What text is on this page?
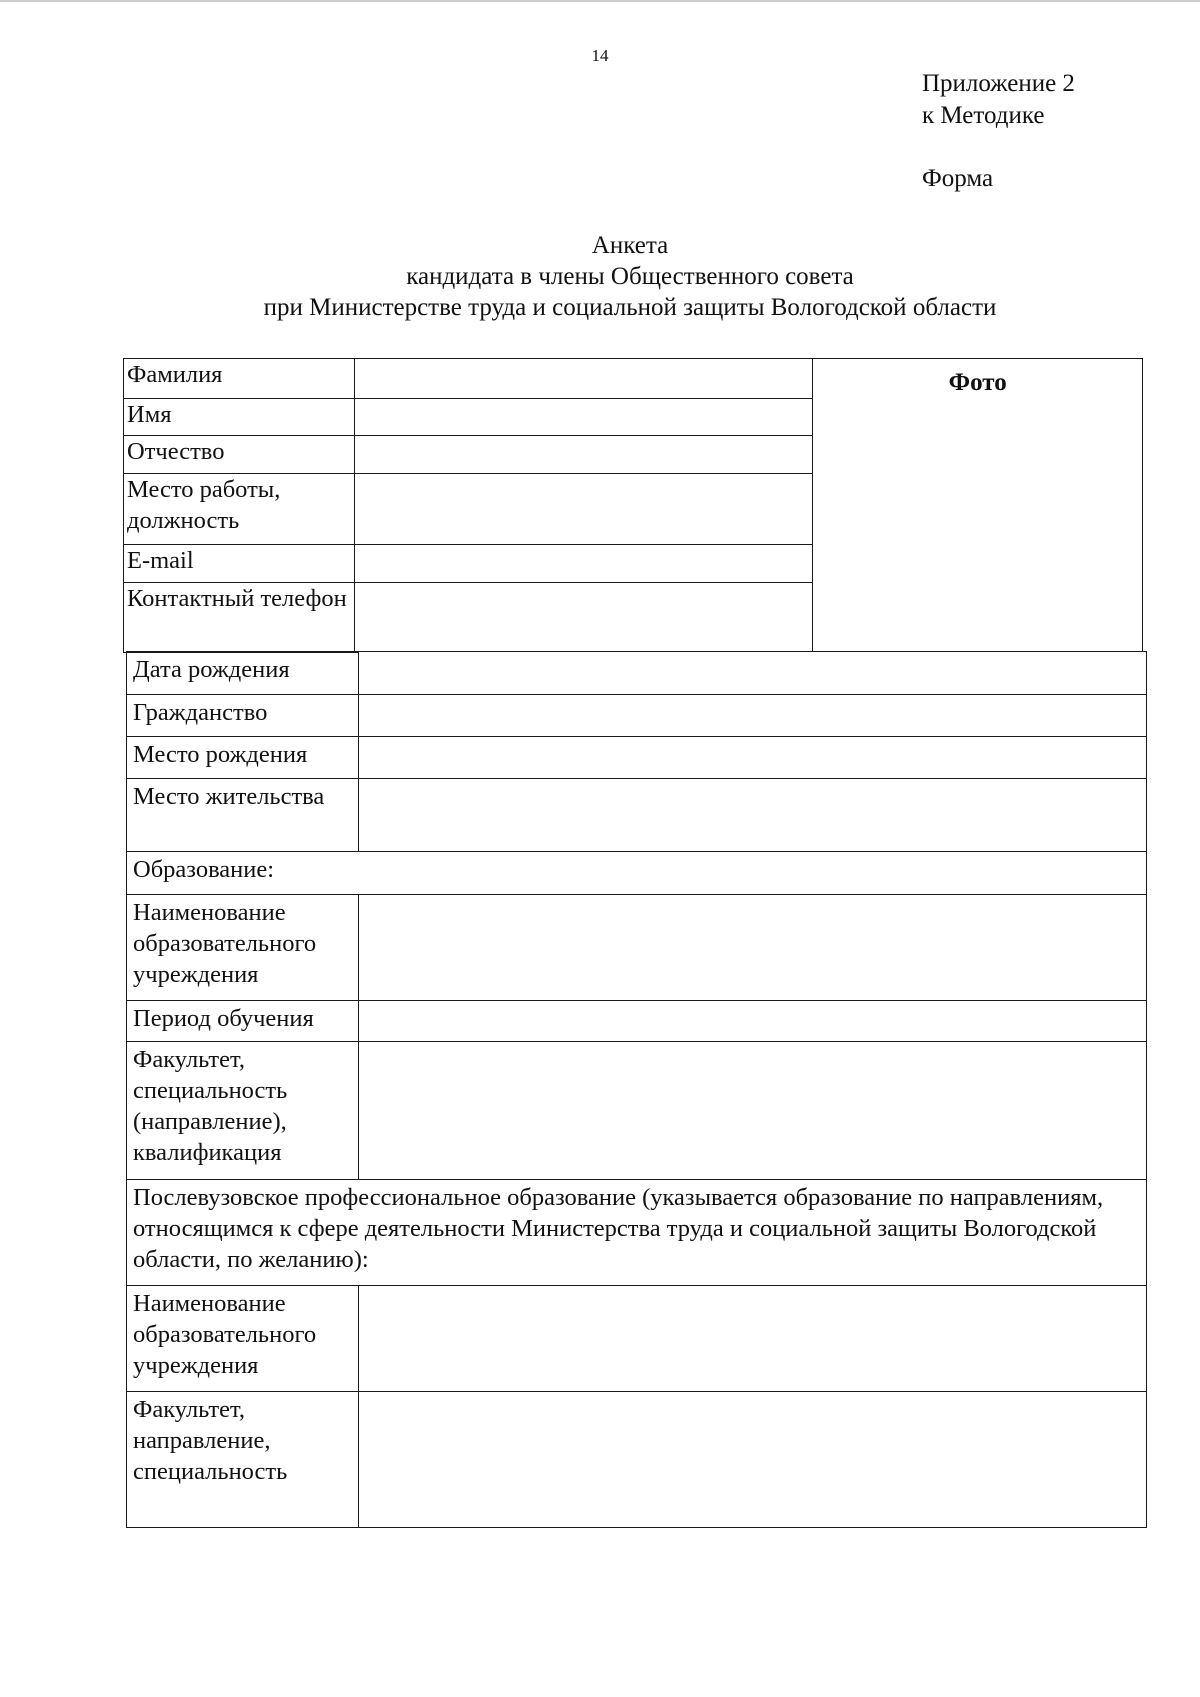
14
Приложение 2
к Методике
Форма
Анкета
кандидата в члены Общественного совета
при Министерстве труда и социальной защиты Вологодской области
Фамилия		Фото
Имя		
Отчество		
Место работы, должность		
E-mail		
Контактный телефон		
Дата рождения	
Гражданство	
Место рождения	
Место жительства	
Образование:	
Наименование образовательного учреждения	
Период обучения	
Факультет, специальность (направление), квалификация	
Послевузовское профессиональное образование (указывается образование по направлениям, относящимся к сфере деятельности Министерства труда и социальной защиты Вологодской области, по желанию):	
Наименование образовательного учреждения	
Факультет, направление, специальность	
